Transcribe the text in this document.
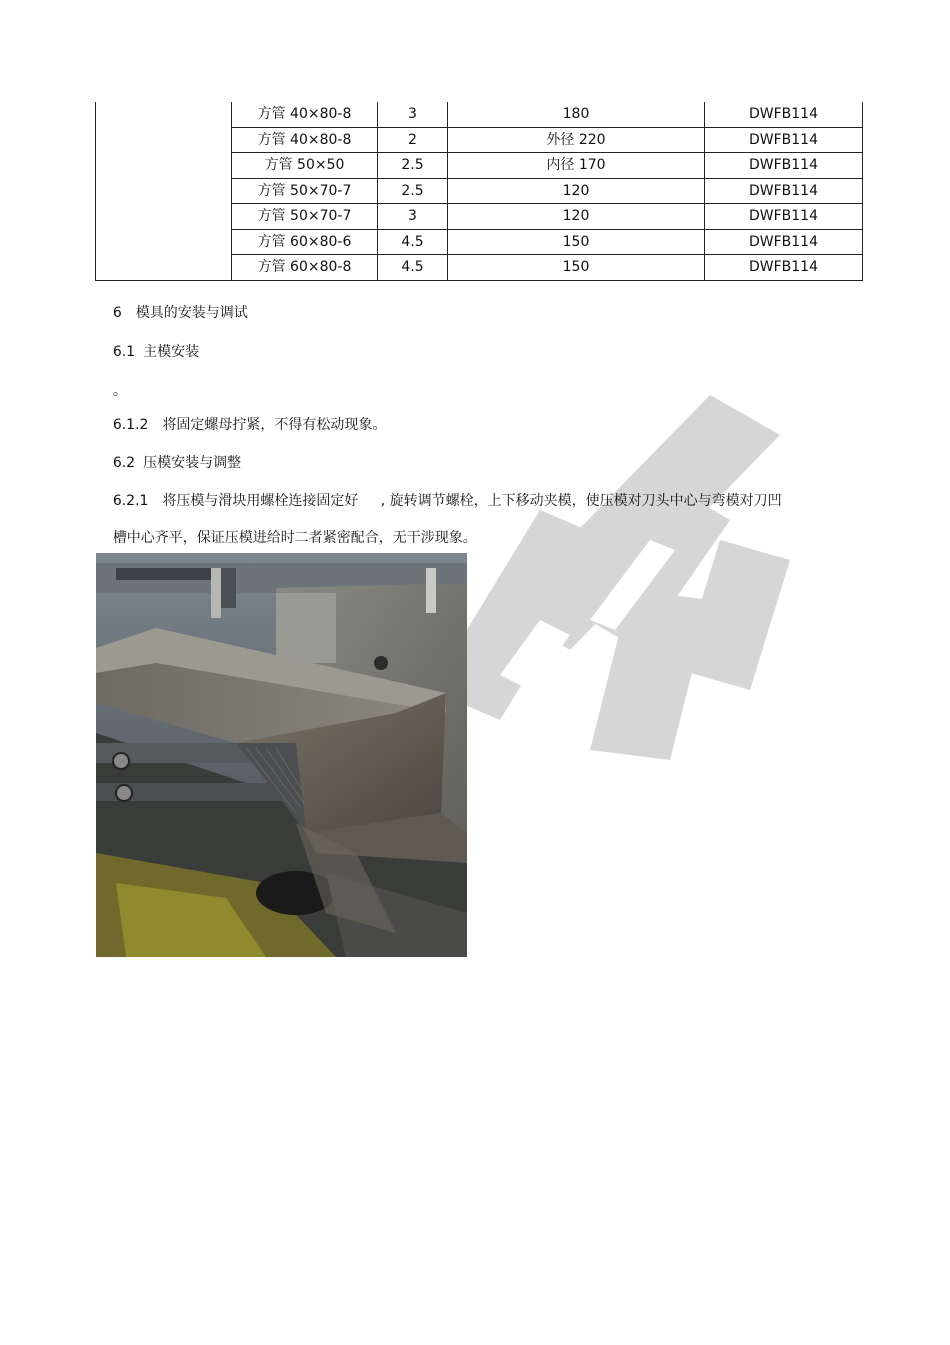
	方管 40×80-8	3	180	DWFB114
	方管 40×80-8	2	外径 220	DWFB114
	方管 50×50	2.5	内径 170	DWFB114
	方管 50×70-7	2.5	120	DWFB114
	方管 50×70-7	3	120	DWFB114
	方管 60×80-6	4.5	150	DWFB114
	方管 60×80-8	4.5	150	DWFB114

6 模具的安装与调试

6.1 主模安装

。

6.1.2 将固定螺母拧紧，不得有松动现象。

6.2 压模安装与调整

6.2.1 将压模与滑块用螺栓连接固定好     , 旋转调节螺栓，上下移动夹模，使压模对刀头中心与弯模对刀凹

槽中心齐平，保证压模进给时二者紧密配合，无干涉现象。
